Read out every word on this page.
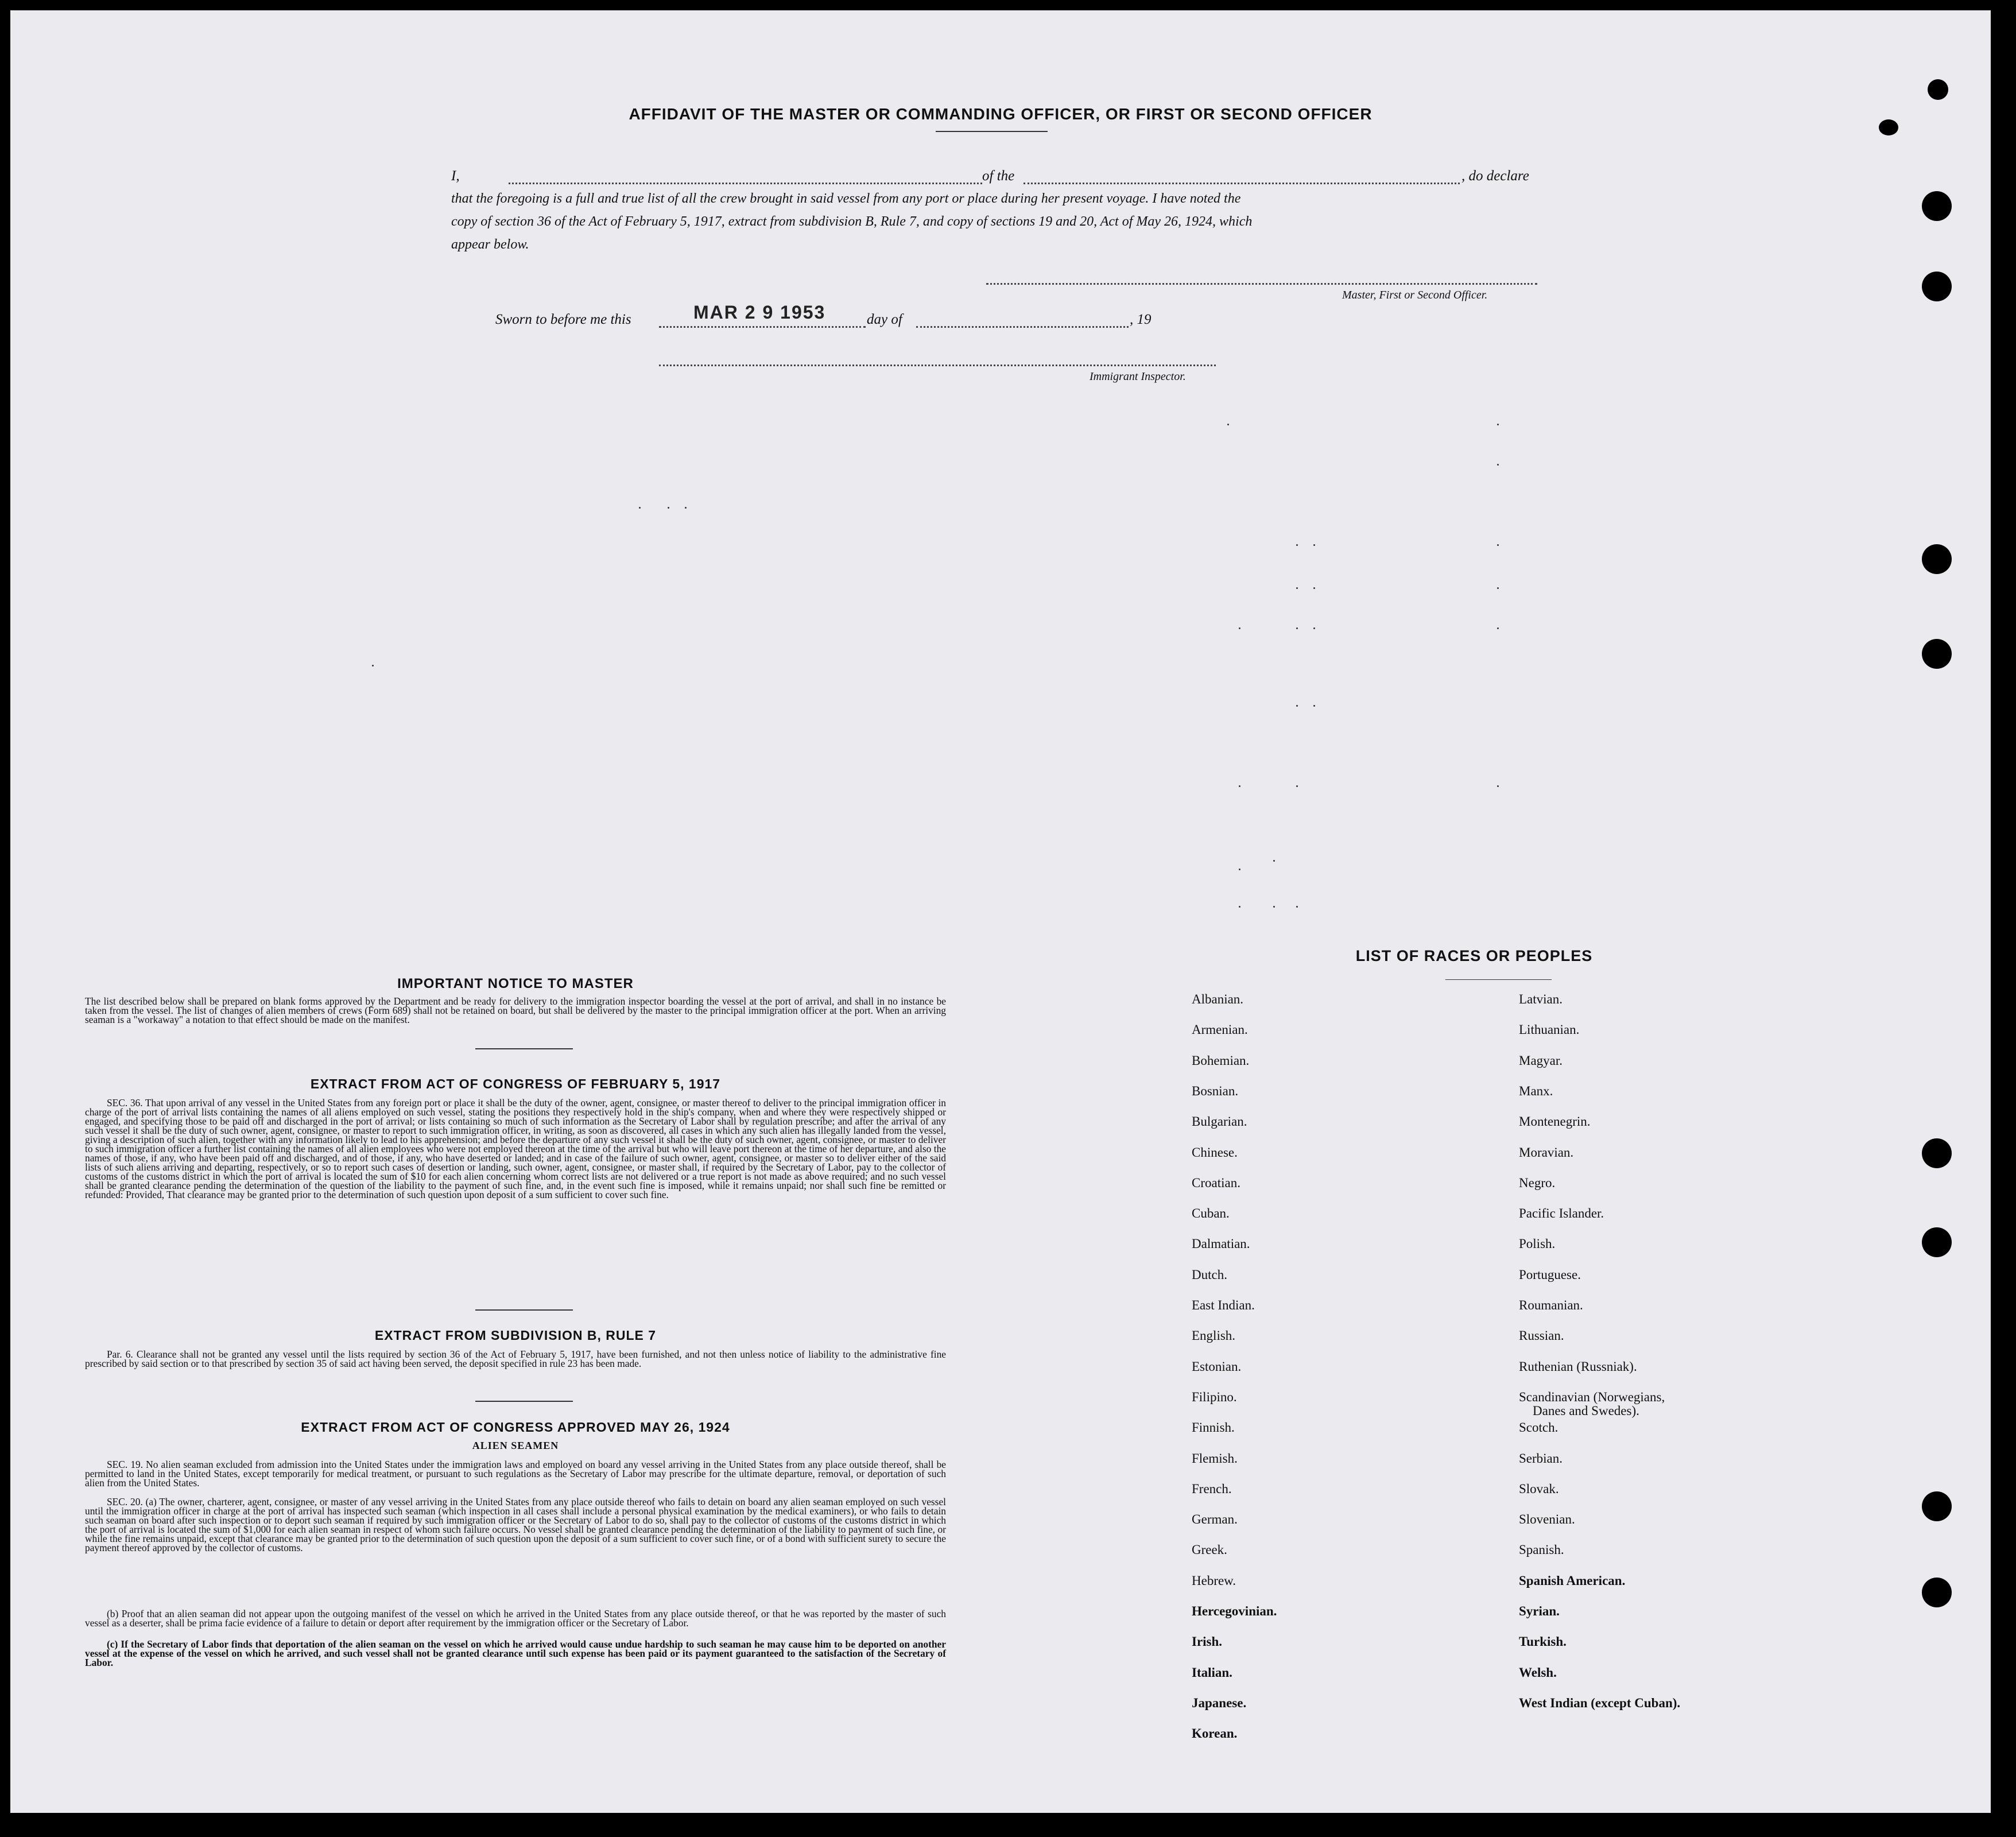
AFFIDAVIT OF THE MASTER OR COMMANDING OFFICER, OR FIRST OR SECOND OFFICER
I,	of the	, do declare
that the foregoing is a full and true list of all the crew brought in said vessel from any port or place during her present voyage. I have noted the
copy of section 36 of the Act of February 5, 1917, extract from subdivision B, Rule 7, and copy of sections 19 and 20, Act of May 26, 1924, which
appear below.
Master, First or Second Officer.
Sworn to before me this	MAR 2 9 1953	day of	, 19
Immigrant Inspector.
IMPORTANT NOTICE TO MASTER
The list described below shall be prepared on blank forms approved by the Department and be ready for delivery to the immigration inspector boarding the vessel at the port of arrival, and shall in no instance be taken from the vessel. The list of changes of alien members of crews (Form 689) shall not be retained on board, but shall be delivered by the master to the principal immigration officer at the port. When an arriving seaman is a "workaway" a notation to that effect should be made on the manifest.
EXTRACT FROM ACT OF CONGRESS OF FEBRUARY 5, 1917
SEC. 36. That upon arrival of any vessel in the United States from any foreign port or place it shall be the duty of the owner, agent, consignee, or master thereof to deliver to the principal immigration officer in charge of the port of arrival lists containing the names of all aliens employed on such vessel, stating the positions they respectively hold in the ship's company, when and where they were respectively shipped or engaged, and specifying those to be paid off and discharged in the port of arrival; or lists containing so much of such information as the Secretary of Labor shall by regulation prescribe; and after the arrival of any such vessel it shall be the duty of such owner, agent, consignee, or master to report to such immigration officer, in writing, as soon as discovered, all cases in which any such alien has illegally landed from the vessel, giving a description of such alien, together with any information likely to lead to his apprehension; and before the departure of any such vessel it shall be the duty of such owner, agent, consignee, or master to deliver to such immigration officer a further list containing the names of all alien employees who were not employed thereon at the time of the arrival but who will leave port thereon at the time of her departure, and also the names of those, if any, who have been paid off and discharged, and of those, if any, who have deserted or landed; and in case of the failure of such owner, agent, consignee, or master so to deliver either of the said lists of such aliens arriving and departing, respectively, or so to report such cases of desertion or landing, such owner, agent, consignee, or master shall, if required by the Secretary of Labor, pay to the collector of customs of the customs district in which the port of arrival is located the sum of $10 for each alien concerning whom correct lists are not delivered or a true report is not made as above required; and no such vessel shall be granted clearance pending the determination of the question of the liability to the payment of such fine, and, in the event such fine is imposed, while it remains unpaid; nor shall such fine be remitted or refunded: Provided, That clearance may be granted prior to the determination of such question upon deposit of a sum sufficient to cover such fine.
EXTRACT FROM SUBDIVISION B, RULE 7
Par. 6. Clearance shall not be granted any vessel until the lists required by section 36 of the Act of February 5, 1917, have been furnished, and not then unless notice of liability to the administrative fine prescribed by said section or to that prescribed by section 35 of said act having been served, the deposit specified in rule 23 has been made.
EXTRACT FROM ACT OF CONGRESS APPROVED MAY 26, 1924
ALIEN SEAMEN
SEC. 19. No alien seaman excluded from admission into the United States under the immigration laws and employed on board any vessel arriving in the United States from any place outside thereof, shall be permitted to land in the United States, except temporarily for medical treatment, or pursuant to such regulations as the Secretary of Labor may prescribe for the ultimate departure, removal, or deportation of such alien from the United States.
SEC. 20. (a) The owner, charterer, agent, consignee, or master of any vessel arriving in the United States from any place outside thereof who fails to detain on board any alien seaman employed on such vessel until the immigration officer in charge at the port of arrival has inspected such seaman (which inspection in all cases shall include a personal physical examination by the medical examiners), or who fails to detain such seaman on board after such inspection or to deport such seaman if required by such immigration officer or the Secretary of Labor to do so, shall pay to the collector of customs of the customs district in which the port of arrival is located the sum of $1,000 for each alien seaman in respect of whom such failure occurs. No vessel shall be granted clearance pending the determination of the liability to payment of such fine, or while the fine remains unpaid, except that clearance may be granted prior to the determination of such question upon the deposit of a sum sufficient to cover such fine, or of a bond with sufficient surety to secure the payment thereof approved by the collector of customs.
(b) Proof that an alien seaman did not appear upon the outgoing manifest of the vessel on which he arrived in the United States from any place outside thereof, or that he was reported by the master of such vessel as a deserter, shall be prima facie evidence of a failure to detain or deport after requirement by the immigration officer or the Secretary of Labor.
(c) If the Secretary of Labor finds that deportation of the alien seaman on the vessel on which he arrived would cause undue hardship to such seaman he may cause him to be deported on another vessel at the expense of the vessel on which he arrived, and such vessel shall not be granted clearance until such expense has been paid or its payment guaranteed to the satisfaction of the Secretary of Labor.
LIST OF RACES OR PEOPLES
Albanian.
Armenian.
Bohemian.
Bosnian.
Bulgarian.
Chinese.
Croatian.
Cuban.
Dalmatian.
Dutch.
East Indian.
English.
Estonian.
Filipino.
Finnish.
Flemish.
French.
German.
Greek.
Hebrew.
Hercegovinian.
Irish.
Italian.
Japanese.
Korean.
Latvian.
Lithuanian.
Magyar.
Manx.
Montenegrin.
Moravian.
Negro.
Pacific Islander.
Polish.
Portuguese.
Roumanian.
Russian.
Ruthenian (Russniak).
Scandinavian (Norwegians,
Danes and Swedes).
Scotch.
Serbian.
Slovak.
Slovenian.
Spanish.
Spanish American.
Syrian.
Turkish.
Welsh.
West Indian (except Cuban).
